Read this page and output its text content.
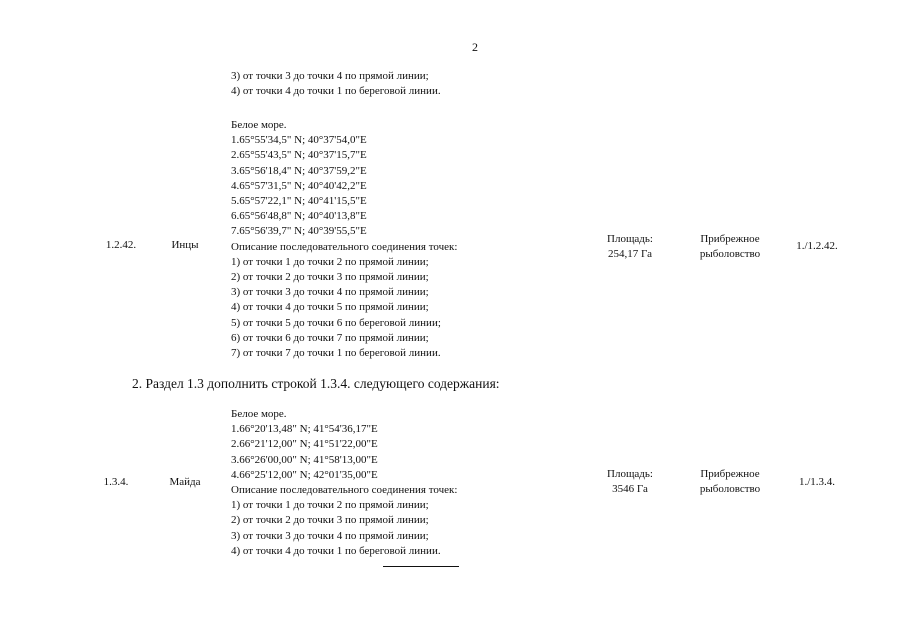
2
3) от точки 3 до точки 4 по прямой линии;
4) от точки 4 до точки 1 по береговой линии.
1.2.42.	Инцы
Белое море.
1.65°55'34,5" N; 40°37'54,0"E
2.65°55'43,5" N; 40°37'15,7"E
3.65°56'18,4" N; 40°37'59,2"E
4.65°57'31,5" N; 40°40'42,2"E
5.65°57'22,1" N; 40°41'15,5"E
6.65°56'48,8" N; 40°40'13,8"E
7.65°56'39,7" N; 40°39'55,5"E
Описание последовательного соединения точек:
1) от точки 1 до точки 2 по прямой линии;
2) от точки 2 до точки 3 по прямой линии;
3) от точки 3 до точки 4 по прямой линии;
4) от точки 4 до точки 5 по прямой линии;
5) от точки 5 до точки 6 по береговой линии;
6) от точки 6 до точки 7 по прямой линии;
7) от точки 7 до точки 1 по береговой линии.
Площадь:
254,17 Га
Прибрежное
рыболовство
1./1.2.42.
2. Раздел 1.3 дополнить строкой 1.3.4. следующего содержания:
1.3.4.	Майда
Белое море.
1.66°20'13,48" N; 41°54'36,17"E
2.66°21'12,00" N; 41°51'22,00"E
3.66°26'00,00" N; 41°58'13,00"E
4.66°25'12,00" N; 42°01'35,00"E
Описание последовательного соединения точек:
1) от точки 1 до точки 2 по прямой линии;
2) от точки 2 до точки 3 по прямой линии;
3) от точки 3 до точки 4 по прямой линии;
4) от точки 4 до точки 1 по береговой линии.
Площадь:
3546 Га
Прибрежное
рыболовство
1./1.3.4.
